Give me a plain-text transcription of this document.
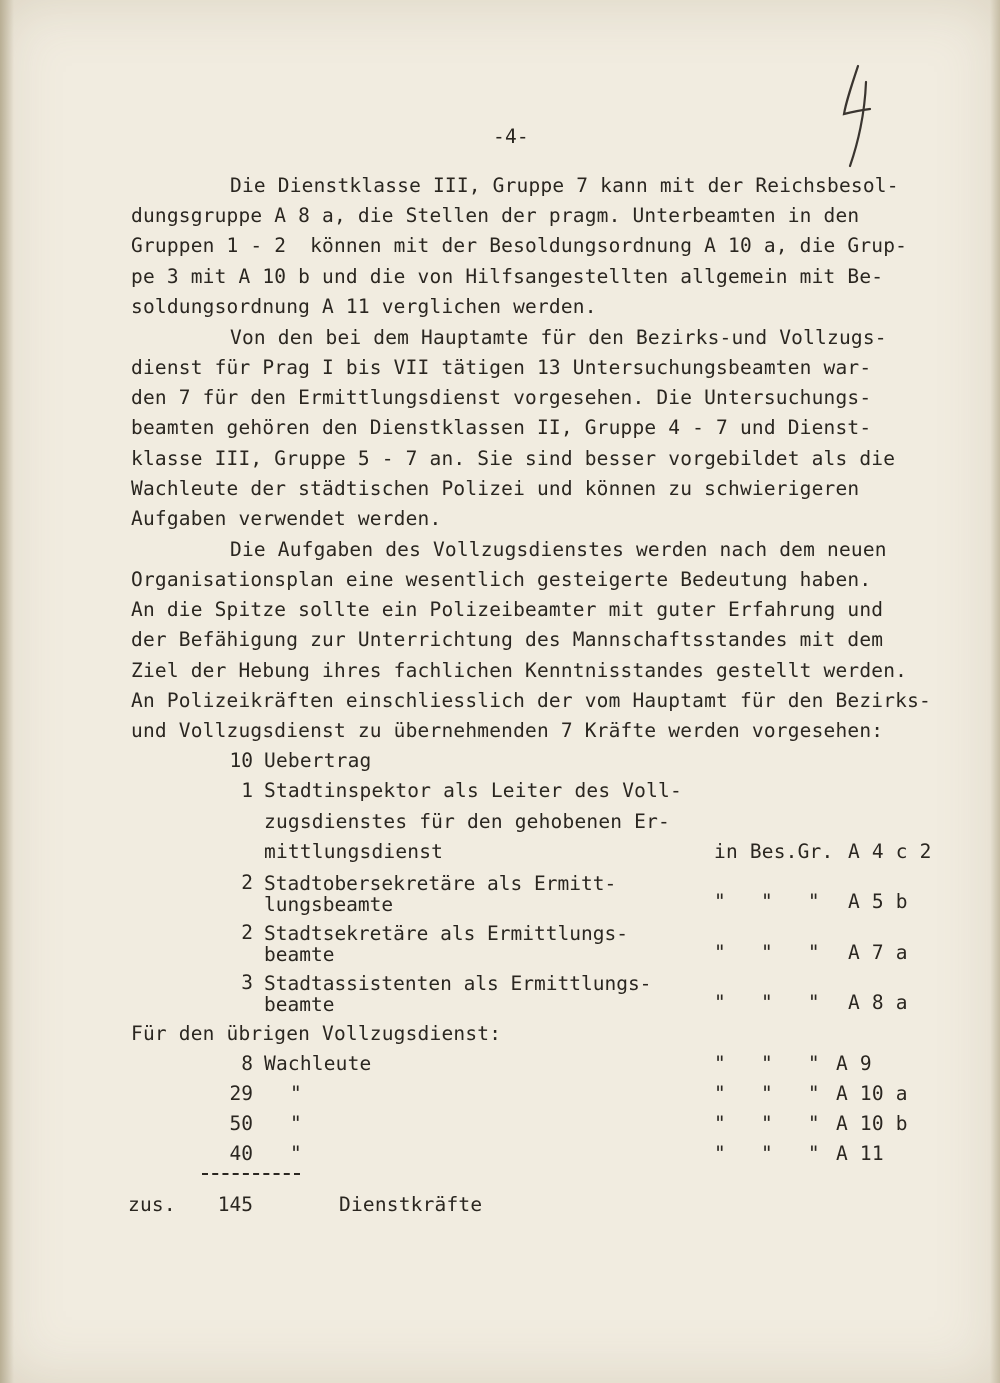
-4-
Die Dienstklasse III, Gruppe 7 kann mit der Reichsbesol-
dungsgruppe A 8 a, die Stellen der pragm. Unterbeamten in den
Gruppen 1 - 2  können mit der Besoldungsordnung A 10 a, die Grup-
pe 3 mit A 10 b und die von Hilfsangestellten allgemein mit Be-
soldungsordnung A 11 verglichen werden.
Von den bei dem Hauptamte für den Bezirks-und Vollzugs-
dienst für Prag I bis VII tätigen 13 Untersuchungsbeamten war-
den 7 für den Ermittlungsdienst vorgesehen. Die Untersuchungs-
beamten gehören den Dienstklassen II, Gruppe 4 - 7 und Dienst-
klasse III, Gruppe 5 - 7 an. Sie sind besser vorgebildet als die
Wachleute der städtischen Polizei und können zu schwierigeren
Aufgaben verwendet werden.
Die Aufgaben des Vollzugsdienstes werden nach dem neuen
Organisationsplan eine wesentlich gesteigerte Bedeutung haben.
An die Spitze sollte ein Polizeibeamter mit guter Erfahrung und
der Befähigung zur Unterrichtung des Mannschaftsstandes mit dem
Ziel der Hebung ihres fachlichen Kenntnisstandes gestellt werden.
An Polizeikräften einschliesslich der vom Hauptamt für den Bezirks-
und Vollzugsdienst zu übernehmenden 7 Kräfte werden vorgesehen:
10 Uebertrag
1 Stadtinspektor als Leiter des Voll-
zugsdienstes für den gehobenen Er-
mittlungsdienst	in Bes.Gr. A 4 c 2
2 Stadtobersekretäre als Ermitt-
lungsbeamte	"   "   " A 5 b
2 Stadtsekretäre als Ermittlungs-
beamte	"   "   " A 7 a
3 Stadtassistenten als Ermittlungs-
beamte	"   "   " A 8 a
Für den übrigen Vollzugsdienst:
8 Wachleute	"   "   " A 9
29 "	"   "   " A 10 a
50 "	"   "   " A 10 b
40 "	"   "   " A 11
zus.	145	Dienstkräfte
